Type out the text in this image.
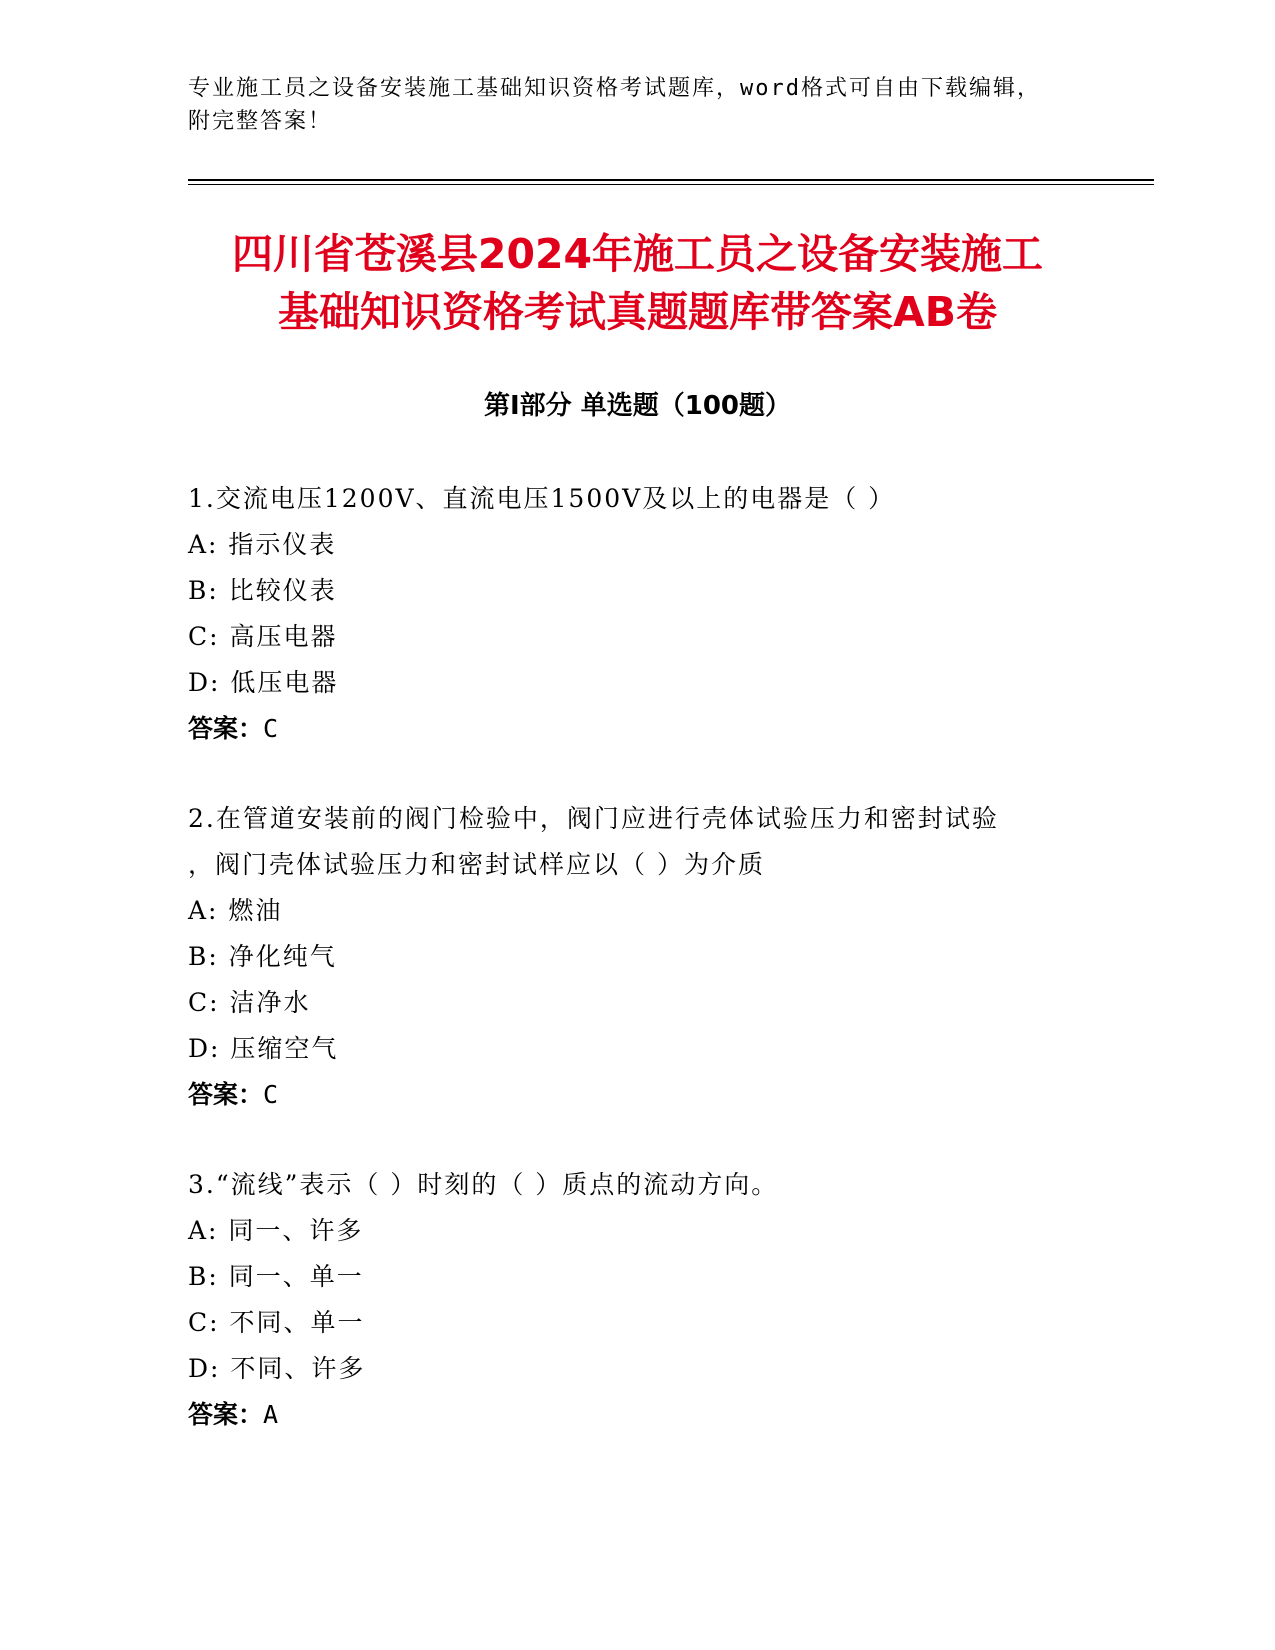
专业施工员之设备安装施工基础知识资格考试题库，word格式可自由下载编辑，
附完整答案！
四川省苍溪县2024年施工员之设备安装施工
基础知识资格考试真题题库带答案AB卷
第I部分 单选题（100题）
1.交流电压1200V、直流电压1500V及以上的电器是（ ）
A: 指示仪表
B: 比较仪表
C: 高压电器
D: 低压电器
答案：C
2.在管道安装前的阀门检验中，阀门应进行壳体试验压力和密封试验
，阀门壳体试验压力和密封试样应以（ ）为介质
A: 燃油
B: 净化纯气
C: 洁净水
D: 压缩空气
答案：C
3.“流线”表示（ ）时刻的（ ）质点的流动方向。
A: 同一、许多
B: 同一、单一
C: 不同、单一
D: 不同、许多
答案：A
